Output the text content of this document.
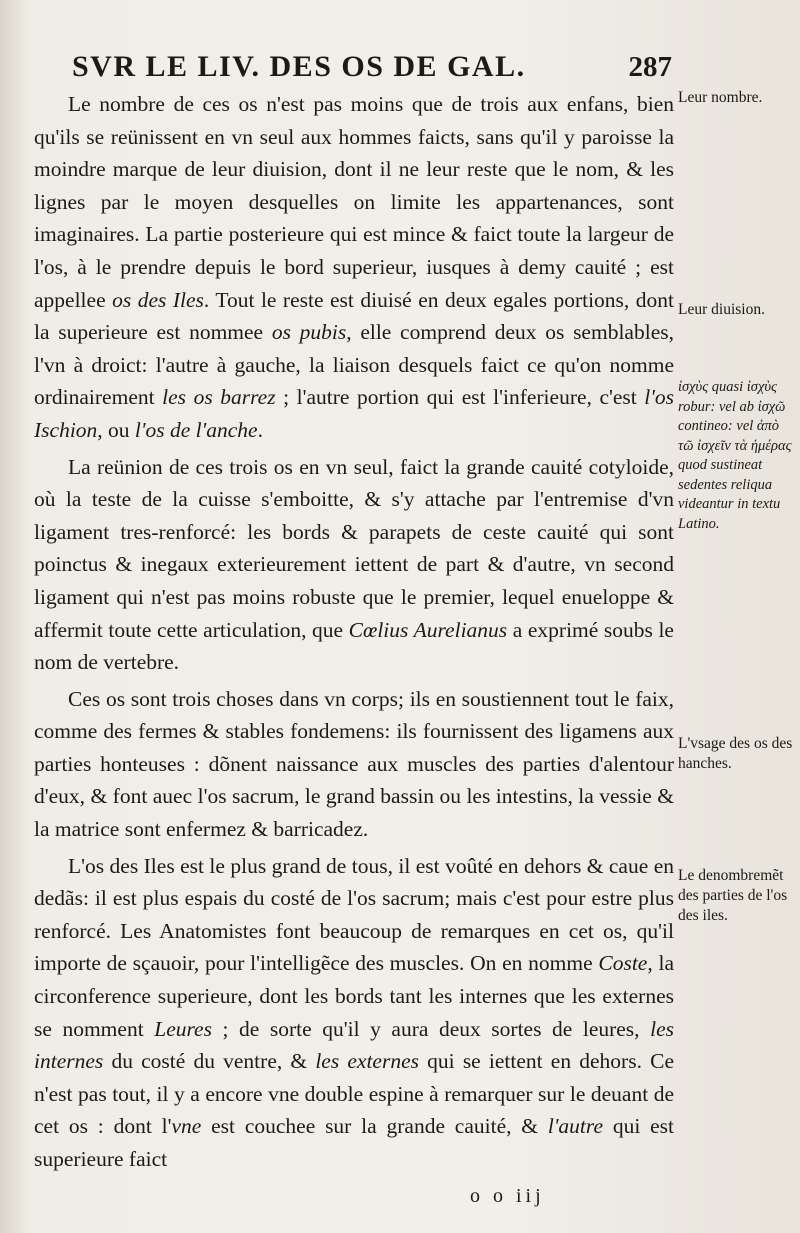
SVR LE LIV. DES OS DE GAL.	287

Le nombre de ces os n'est pas moins que de trois aux enfans, bien qu'ils se reünissent en vn seul aux hommes faicts, sans qu'il y paroisse la moindre marque de leur diuision, dont il ne leur reste que le nom, & les lignes par le moyen desquelles on limite les appartenances, sont imaginaires. La partie posterieure qui est mince & faict toute la largeur de l'os, à le prendre depuis le bord superieur, iusques à demy cauité ; est appellee os des Iles. Tout le reste est diuisé en deux egales portions, dont la superieure est nommee os pubis, elle comprend deux os semblables, l'vn à droict: l'autre à gauche, la liaison desquels faict ce qu'on nomme ordinairement les os barrez ; l'autre portion qui est l'inferieure, c'est l'os Ischion, ou l'os de l'anche.

La reünion de ces trois os en vn seul, faict la grande cauité cotyloide, où la teste de la cuisse s'emboitte, & s'y attache par l'entremise d'vn ligament tres-renforcé: les bords & parapets de ceste cauité qui sont poinctus & inegaux exterieurement iettent de part & d'autre, vn second ligament qui n'est pas moins robuste que le premier, lequel enueloppe & affermit toute cette articulation, que Cœlius Aurelianus a exprimé soubs le nom de vertebre.

Ces os sont trois choses dans vn corps; ils en soustiennent tout le faix, comme des fermes & stables fondemens: ils fournissent des ligamens aux parties honteuses : dõnent naissance aux muscles des parties d'alentour d'eux, & font auec l'os sacrum, le grand bassin ou les intestins, la vessie & la matrice sont enfermez & barricadez.

L'os des Iles est le plus grand de tous, il est voûté en dehors & caue en dedãs: il est plus espais du costé de l'os sacrum; mais c'est pour estre plus renforcé. Les Anatomistes font beaucoup de remarques en cet os, qu'il importe de sçauoir, pour l'intelligẽce des muscles. On en nomme Coste, la circonference superieure, dont les bords tant les internes que les externes se nomment Leures ; de sorte qu'il y aura deux sortes de leures, les internes du costé du ventre, & les externes qui se iettent en dehors. Ce n'est pas tout, il y a encore vne double espine à remarquer sur le deuant de cet os : dont l'vne est couchee sur la grande cauité, & l'autre qui est superieure faict

Leur nombre.
Leur diuision.
ἰσχὺς quasi ἰσχὺς robur: vel ab ἰσχῶ contineo: vel ἀπὸ τῶ ἰσχεῖν τὰ ἡμέρας quod sustineat sedentes reliqua videantur in textu Latino.
L'vsage des os des hanches.
Le denombremẽt des parties de l'os des iles.
o o iij
